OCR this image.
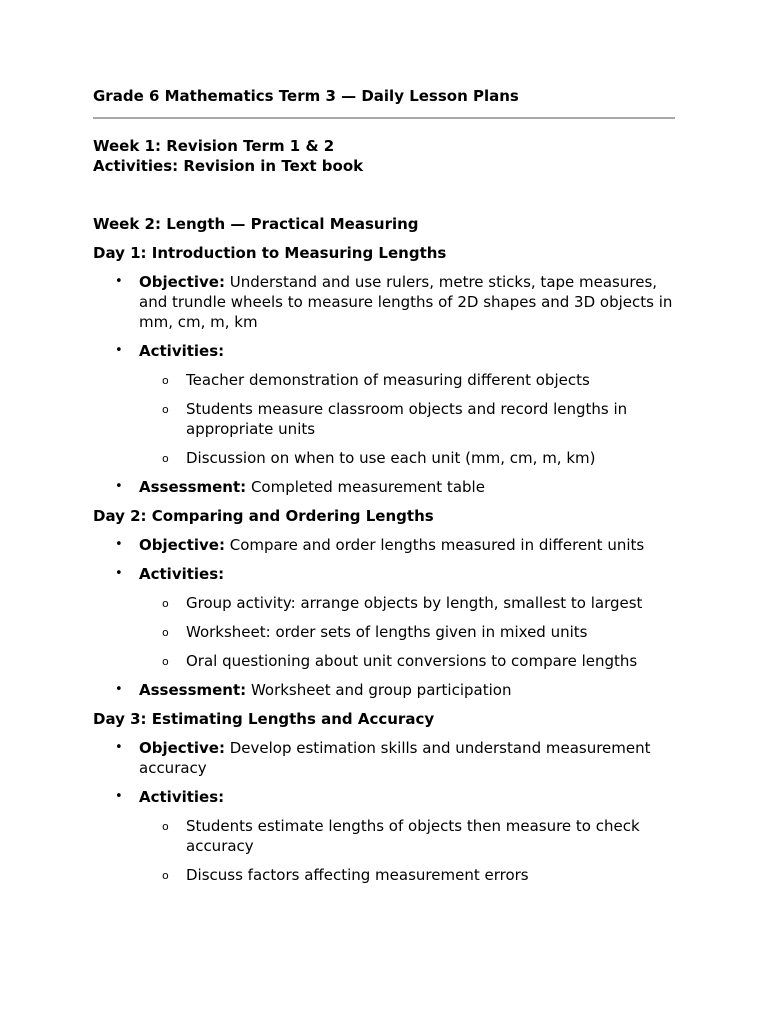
Grade 6 Mathematics Term 3 — Daily Lesson Plans

Week 1: Revision Term 1 & 2
Activities: Revision in Text book
Week 2: Length — Practical Measuring
Day 1: Introduction to Measuring Lengths
• Objective: Understand and use rulers, metre sticks, tape measures, and trundle wheels to measure lengths of 2D shapes and 3D objects in mm, cm, m, km
• Activities:
o Teacher demonstration of measuring different objects
o Students measure classroom objects and record lengths in appropriate units
o Discussion on when to use each unit (mm, cm, m, km)
• Assessment: Completed measurement table
Day 2: Comparing and Ordering Lengths
• Objective: Compare and order lengths measured in different units
• Activities:
o Group activity: arrange objects by length, smallest to largest
o Worksheet: order sets of lengths given in mixed units
o Oral questioning about unit conversions to compare lengths
• Assessment: Worksheet and group participation
Day 3: Estimating Lengths and Accuracy
• Objective: Develop estimation skills and understand measurement accuracy
• Activities:
o Students estimate lengths of objects then measure to check accuracy
o Discuss factors affecting measurement errors
